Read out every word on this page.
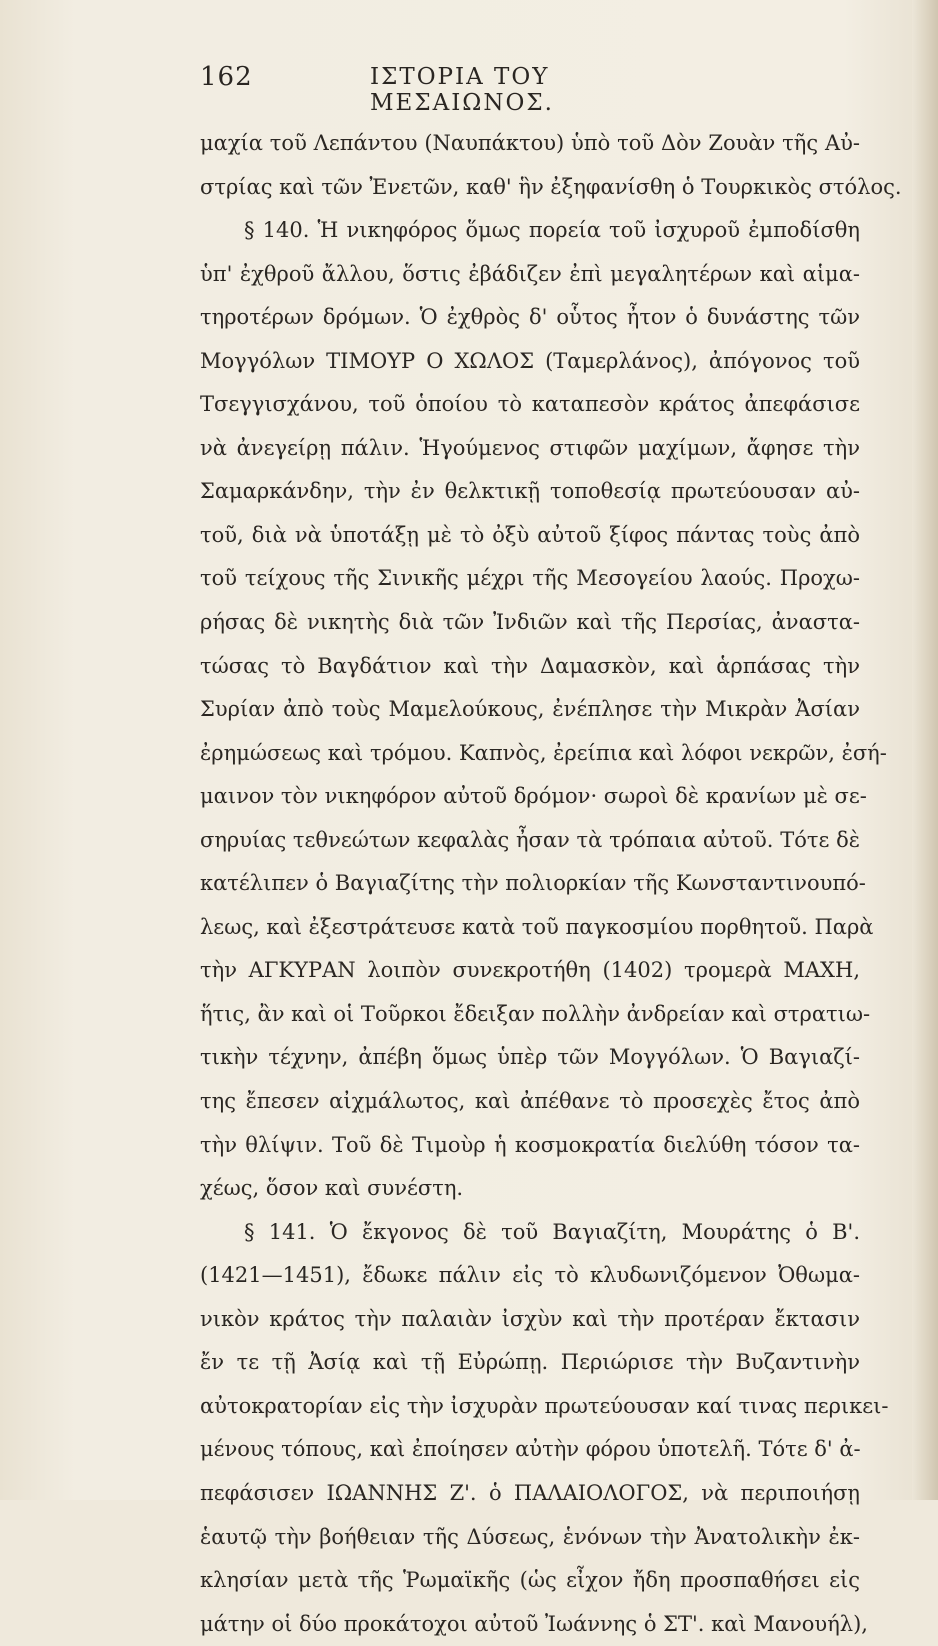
162	ΙΣΤΟΡΙΑ ΤΟΥ ΜΕΣΑΙΩΝΟΣ.
μαχία τοῦ Λεπάντου (Ναυπάκτου) ὑπὸ τοῦ Δὸν Ζουὰν τῆς Αὐ-
στρίας καὶ τῶν Ἐνετῶν, καθ' ἣν ἐξηφανίσθη ὁ Τουρκικὸς στόλος.
§ 140. Ἡ νικηφόρος ὅμως πορεία τοῦ ἰσχυροῦ ἐμποδίσθη
ὑπ' ἐχθροῦ ἄλλου, ὅστις ἐβάδιζεν ἐπὶ μεγαλητέρων καὶ αἱμα-
τηροτέρων δρόμων. Ὁ ἐχθρὸς δ' οὗτος ἦτον ὁ δυνάστης τῶν
Μογγόλων ΤΙΜΟΥΡ Ο ΧΩΛΟΣ (Ταμερλάνος), ἀπόγονος τοῦ
Τσεγγισχάνου, τοῦ ὁποίου τὸ καταπεσὸν κράτος ἀπεφάσισε
νὰ ἀνεγείρῃ πάλιν. Ἡγούμενος στιφῶν μαχίμων, ἄφησε τὴν
Σαμαρκάνδην, τὴν ἐν θελκτικῇ τοποθεσίᾳ πρωτεύουσαν αὐ-
τοῦ, διὰ νὰ ὑποτάξῃ μὲ τὸ ὀξὺ αὐτοῦ ξίφος πάντας τοὺς ἀπὸ
τοῦ τείχους τῆς Σινικῆς μέχρι τῆς Μεσογείου λαούς. Προχω-
ρήσας δὲ νικητὴς διὰ τῶν Ἰνδιῶν καὶ τῆς Περσίας, ἀναστα-
τώσας τὸ Βαγδάτιον καὶ τὴν Δαμασκὸν, καὶ ἁρπάσας τὴν
Συρίαν ἀπὸ τοὺς Μαμελούκους, ἐνέπλησε τὴν Μικρὰν Ἀσίαν
ἐρημώσεως καὶ τρόμου. Καπνὸς, ἐρείπια καὶ λόφοι νεκρῶν, ἐσή-
μαινον τὸν νικηφόρον αὐτοῦ δρόμον· σωροὶ δὲ κρανίων μὲ σε-
σηρυίας τεθνεώτων κεφαλὰς ἦσαν τὰ τρόπαια αὐτοῦ. Τότε δὲ
κατέλιπεν ὁ Βαγιαζίτης τὴν πολιορκίαν τῆς Κωνσταντινουπό-
λεως, καὶ ἐξεστράτευσε κατὰ τοῦ παγκοσμίου πορθητοῦ. Παρὰ
τὴν ΑΓΚΥΡΑΝ λοιπὸν συνεκροτήθη (1402) τρομερὰ ΜΑΧΗ,
ἥτις, ἂν καὶ οἱ Τοῦρκοι ἔδειξαν πολλὴν ἀνδρείαν καὶ στρατιω-
τικὴν τέχνην, ἀπέβη ὅμως ὑπὲρ τῶν Μογγόλων. Ὁ Βαγιαζί-
της ἔπεσεν αἰχμάλωτος, καὶ ἀπέθανε τὸ προσεχὲς ἔτος ἀπὸ
τὴν θλίψιν. Τοῦ δὲ Τιμοὺρ ἡ κοσμοκρατία διελύθη τόσον τα-
χέως, ὅσον καὶ συνέστη.
§ 141. Ὁ ἔκγονος δὲ τοῦ Βαγιαζίτη, Μουράτης ὁ Β'.
(1421—1451), ἔδωκε πάλιν εἰς τὸ κλυδωνιζόμενον Ὀθωμα-
νικὸν κράτος τὴν παλαιὰν ἰσχὺν καὶ τὴν προτέραν ἔκτασιν
ἔν τε τῇ Ἀσίᾳ καὶ τῇ Εὐρώπῃ. Περιώρισε τὴν Βυζαντινὴν
αὐτοκρατορίαν εἰς τὴν ἰσχυρὰν πρωτεύουσαν καί τινας περικει-
μένους τόπους, καὶ ἐποίησεν αὐτὴν φόρου ὑποτελῆ. Τότε δ' ἀ-
πεφάσισεν ΙΩΑΝΝΗΣ Ζ'. ὁ ΠΑΛΑΙΟΛΟΓΟΣ, νὰ περιποιήσῃ
ἑαυτῷ τὴν βοήθειαν τῆς Δύσεως, ἑνόνων τὴν Ἀνατολικὴν ἐκ-
κλησίαν μετὰ τῆς Ῥωμαϊκῆς (ὡς εἶχον ἤδη προσπαθήσει εἰς
μάτην οἱ δύο προκάτοχοι αὐτοῦ Ἰωάννης ὁ ΣΤ'. καὶ Μανουήλ),
